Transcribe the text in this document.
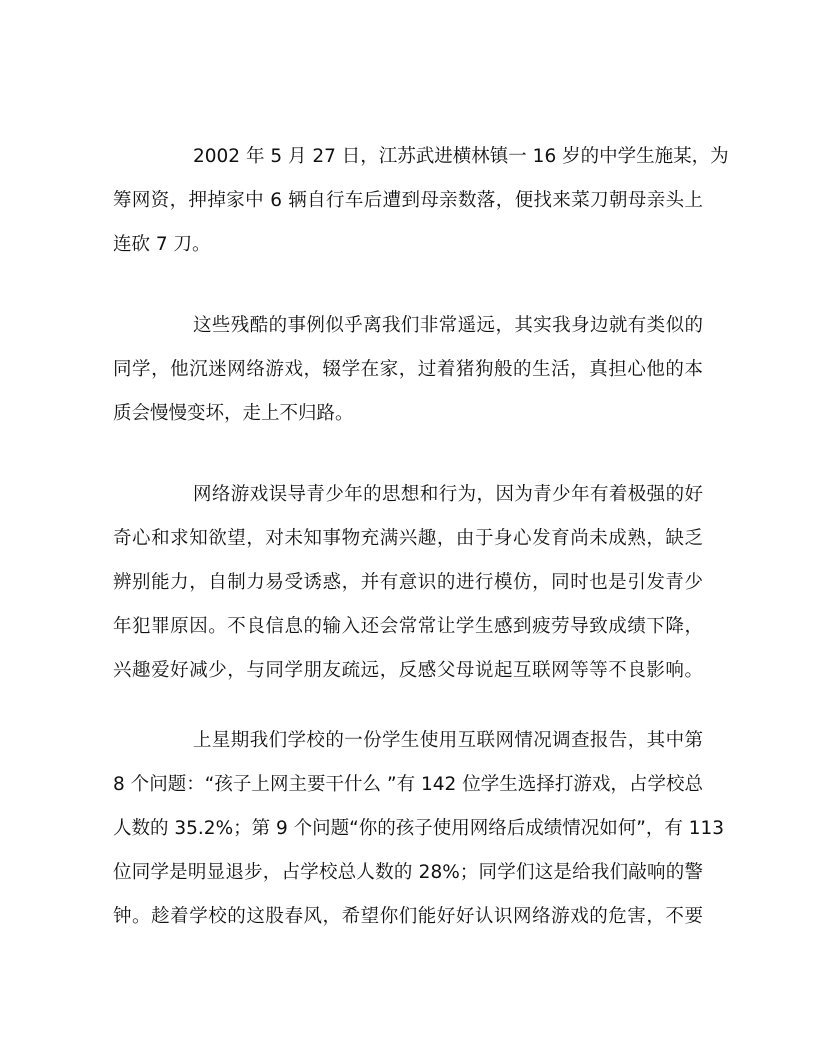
2002 年 5 月 27 日，江苏武进横林镇一 16 岁的中学生施某，为
筹网资，押掉家中 6 辆自行车后遭到母亲数落，便找来菜刀朝母亲头上
连砍 7 刀。
这些残酷的事例似乎离我们非常遥远，其实我身边就有类似的
同学，他沉迷网络游戏，辍学在家，过着猪狗般的生活，真担心他的本
质会慢慢变坏，走上不归路。
网络游戏误导青少年的思想和行为，因为青少年有着极强的好
奇心和求知欲望，对未知事物充满兴趣，由于身心发育尚未成熟，缺乏
辨别能力，自制力易受诱惑，并有意识的进行模仿，同时也是引发青少
年犯罪原因。不良信息的输入还会常常让学生感到疲劳导致成绩下降，
兴趣爱好减少，与同学朋友疏远，反感父母说起互联网等等不良影响。
上星期我们学校的一份学生使用互联网情况调查报告，其中第
8 个问题：“孩子上网主要干什么 ”有 142 位学生选择打游戏，占学校总
人数的 35.2%；第 9 个问题“你的孩子使用网络后成绩情况如何”，有 113
位同学是明显退步，占学校总人数的 28%；同学们这是给我们敲响的警
钟。趁着学校的这股春风，希望你们能好好认识网络游戏的危害，不要
